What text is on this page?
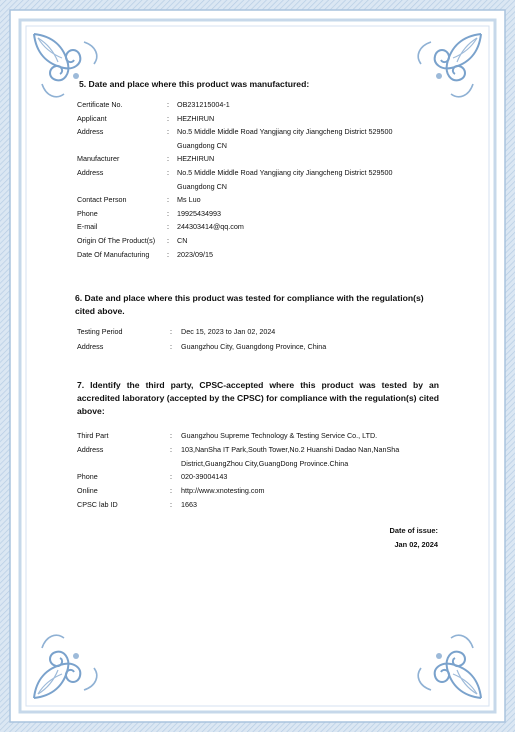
5. Date and place where this product was manufactured:
Certificate No.	: OB231215004-1
Applicant	: HEZHIRUN
Address	: No.5 Middle Middle Road Yangjiang city Jiangcheng District 529500
Guangdong CN
Manufacturer	: HEZHIRUN
Address	: No.5 Middle Middle Road Yangjiang city Jiangcheng District 529500
Guangdong CN
Contact Person	: Ms Luo
Phone	: 19925434993
E-mail	: 244303414@qq.com
Origin Of The Product(s) : CN
Date Of Manufacturing : 2023/09/15
6. Date and place where this product was tested for compliance with the regulation(s)
cited above.
Testing Period	: Dec 15, 2023 to Jan 02, 2024
Address	: Guangzhou City, Guangdong Province, China
7. Identify the third party, CPSC-accepted where this product was tested by an accredited laboratory (accepted by the CPSC) for compliance with the regulation(s) cited above:
Third Part	: Guangzhou Supreme Technology & Testing Service Co., LTD.
Address	: 103,NanSha IT Park,South Tower,No.2 Huanshi Dadao Nan,NanSha
District,GuangZhou City,GuangDong Province.China
Phone	: 020-39004143
Online	: http://www.xnotesting.com
CPSC lab ID	: 1663
Date of issue:
Jan 02, 2024
